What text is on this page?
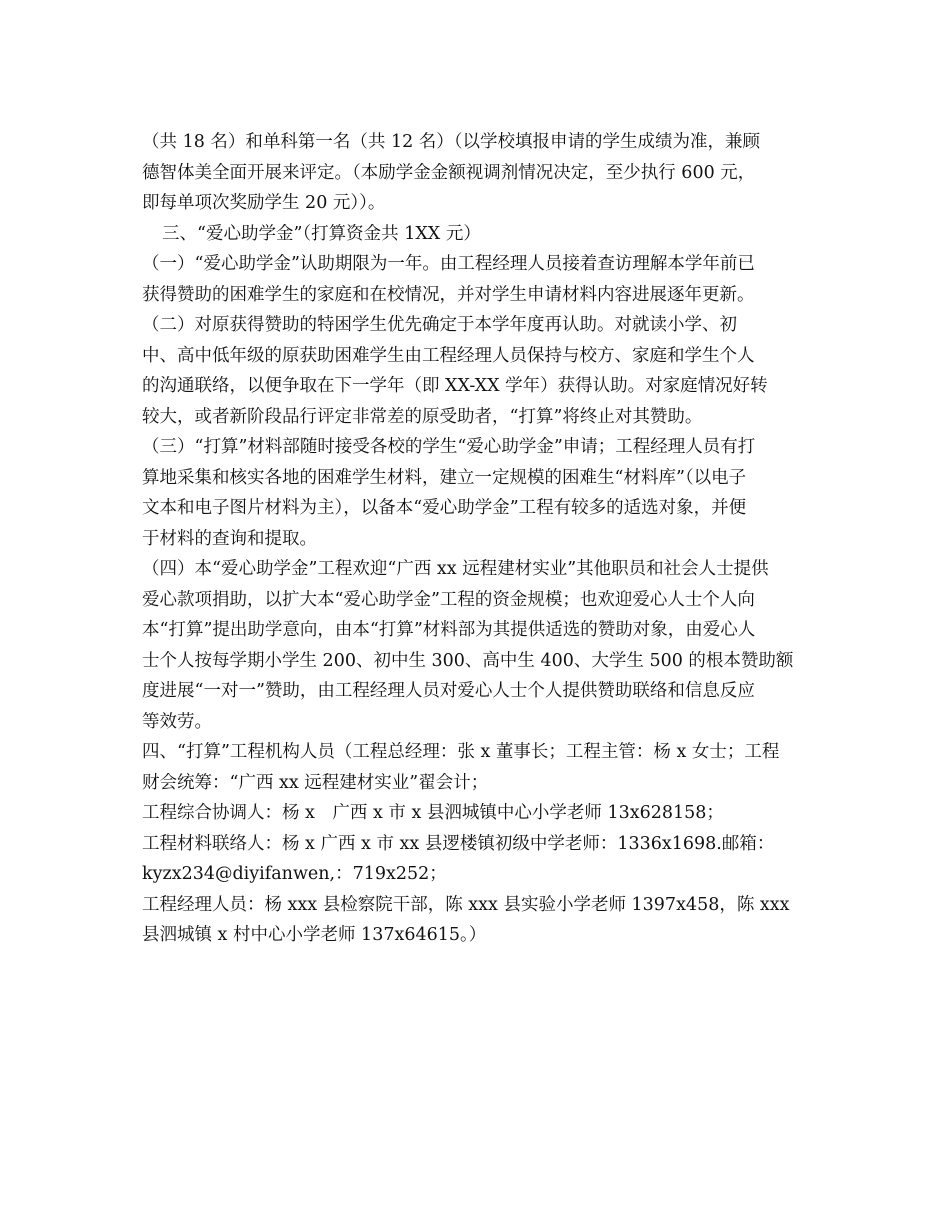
（共 18 名）和单科第一名（共 12 名）（以学校填报申请的学生成绩为准，兼顾
德智体美全面开展来评定。（本励学金金额视调剂情况决定，至少执行 600 元，
即每单项次奖励学生 20 元））。
三、“爱心助学金”（打算资金共 1XX 元）
（一）“爱心助学金”认助期限为一年。由工程经理人员接着查访理解本学年前已
获得赞助的困难学生的家庭和在校情况，并对学生申请材料内容进展逐年更新。
（二）对原获得赞助的特困学生优先确定于本学年度再认助。对就读小学、初
中、高中低年级的原获助困难学生由工程经理人员保持与校方、家庭和学生个人
的沟通联络，以便争取在下一学年（即 XX-XX 学年）获得认助。对家庭情况好转
较大，或者新阶段品行评定非常差的原受助者，“打算”将终止对其赞助。
（三）“打算”材料部随时接受各校的学生“爱心助学金”申请；工程经理人员有打
算地采集和核实各地的困难学生材料，建立一定规模的困难生“材料库”（以电子
文本和电子图片材料为主），以备本“爱心助学金”工程有较多的适选对象，并便
于材料的查询和提取。
（四）本“爱心助学金”工程欢迎“广西 xx 远程建材实业”其他职员和社会人士提供
爱心款项捐助，以扩大本“爱心助学金”工程的资金规模；也欢迎爱心人士个人向
本“打算”提出助学意向，由本“打算”材料部为其提供适选的赞助对象，由爱心人
士个人按每学期小学生 200、初中生 300、高中生 400、大学生 500 的根本赞助额
度进展“一对一”赞助，由工程经理人员对爱心人士个人提供赞助联络和信息反应
等效劳。
四、“打算”工程机构人员（工程总经理：张 x 董事长；工程主管：杨 x 女士；工程
财会统筹：“广西 xx 远程建材实业”翟会计；
工程综合协调人：杨 x　广西 x 市 x 县泗城镇中心小学老师 13x628158；
工程材料联络人：杨 x 广西 x 市 xx 县逻楼镇初级中学老师：1336x1698.邮箱：
kyzx234@diyifanwen,：719x252；
工程经理人员：杨 xxx 县检察院干部，陈 xxx 县实验小学老师 1397x458，陈 xxx
县泗城镇 x 村中心小学老师 137x64615。）
